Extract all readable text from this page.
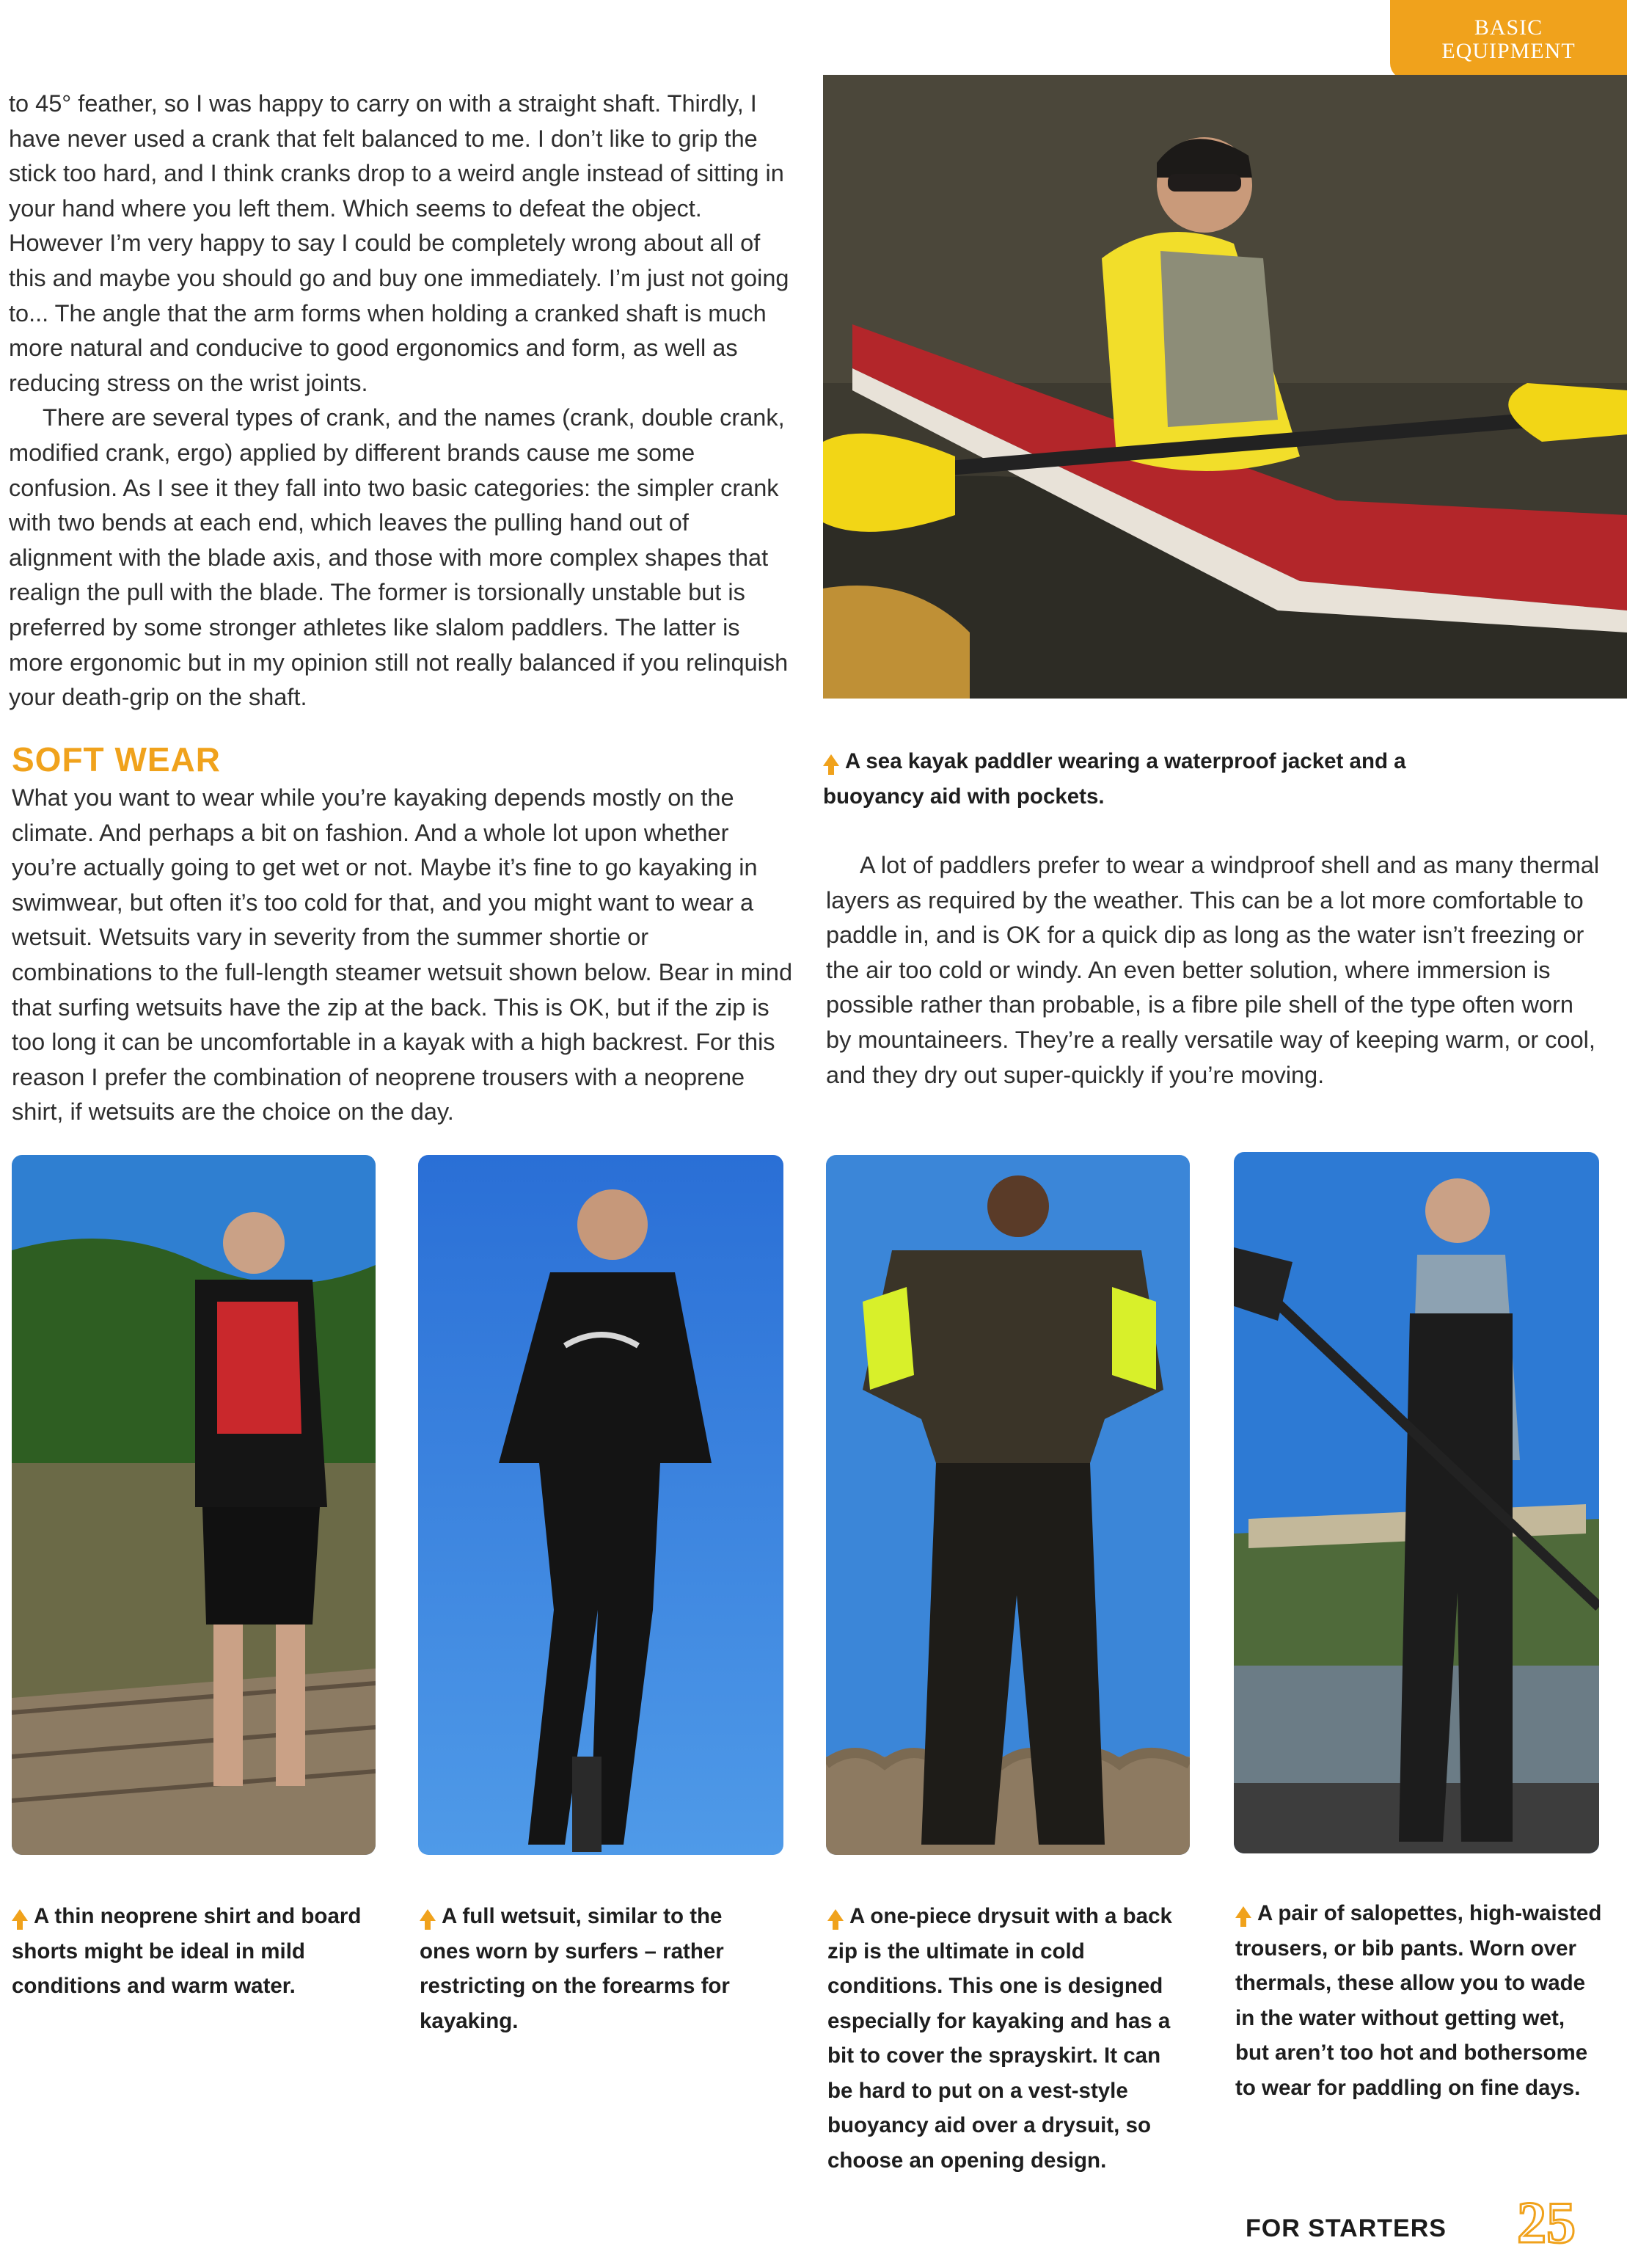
BASIC
EQUIPMENT

to 45° feather, so I was happy to carry on with a straight shaft. Thirdly, I have never used a crank that felt balanced to me. I don’t like to grip the stick too hard, and I think cranks drop to a weird angle instead of sitting in your hand where you left them. Which seems to defeat the object. However I’m very happy to say I could be completely wrong about all of this and maybe you should go and buy one immediately. I’m just not going to... The angle that the arm forms when holding a cranked shaft is much more natural and conducive to good ergonomics and form, as well as reducing stress on the wrist joints.

There are several types of crank, and the names (crank, double crank, modified crank, ergo) applied by different brands cause me some confusion. As I see it they fall into two basic categories: the simpler crank with two bends at each end, which leaves the pulling hand out of alignment with the blade axis, and those with more complex shapes that realign the pull with the blade. The former is torsionally unstable but is preferred by some stronger athletes like slalom paddlers. The latter is more ergonomic but in my opinion still not really balanced if you relinquish your death-grip on the shaft.

SOFT WEAR

What you want to wear while you’re kayaking depends mostly on the climate. And perhaps a bit on fashion. And a whole lot upon whether you’re actually going to get wet or not. Maybe it’s fine to go kayaking in swimwear, but often it’s too cold for that, and you might want to wear a wetsuit. Wetsuits vary in severity from the summer shortie or combinations to the full-length steamer wetsuit shown below. Bear in mind that surfing wetsuits have the zip at the back. This is OK, but if the zip is too long it can be uncomfortable in a kayak with a high backrest. For this reason I prefer the combination of neoprene trousers with a neoprene shirt, if wetsuits are the choice on the day.

A sea kayak paddler wearing a waterproof jacket and a buoyancy aid with pockets.

A lot of paddlers prefer to wear a windproof shell and as many thermal layers as required by the weather. This can be a lot more comfortable to paddle in, and is OK for a quick dip as long as the water isn’t freezing or the air too cold or windy. An even better solution, where immersion is possible rather than probable, is a fibre pile shell of the type often worn by mountaineers. They’re a really versatile way of keeping warm, or cool, and they dry out super-quickly if you’re moving.

A thin neoprene shirt and board shorts might be ideal in mild conditions and warm water.

A full wetsuit, similar to the ones worn by surfers – rather restricting on the forearms for kayaking.

A one-piece drysuit with a back zip is the ultimate in cold conditions. This one is designed especially for kayaking and has a bit to cover the sprayskirt. It can be hard to put on a vest-style buoyancy aid over a drysuit, so choose an opening design.

A pair of salopettes, high-waisted trousers, or bib pants. Worn over thermals, these allow you to wade in the water without getting wet, but aren’t too hot and bothersome to wear for paddling on fine days.

FOR STARTERS 25
